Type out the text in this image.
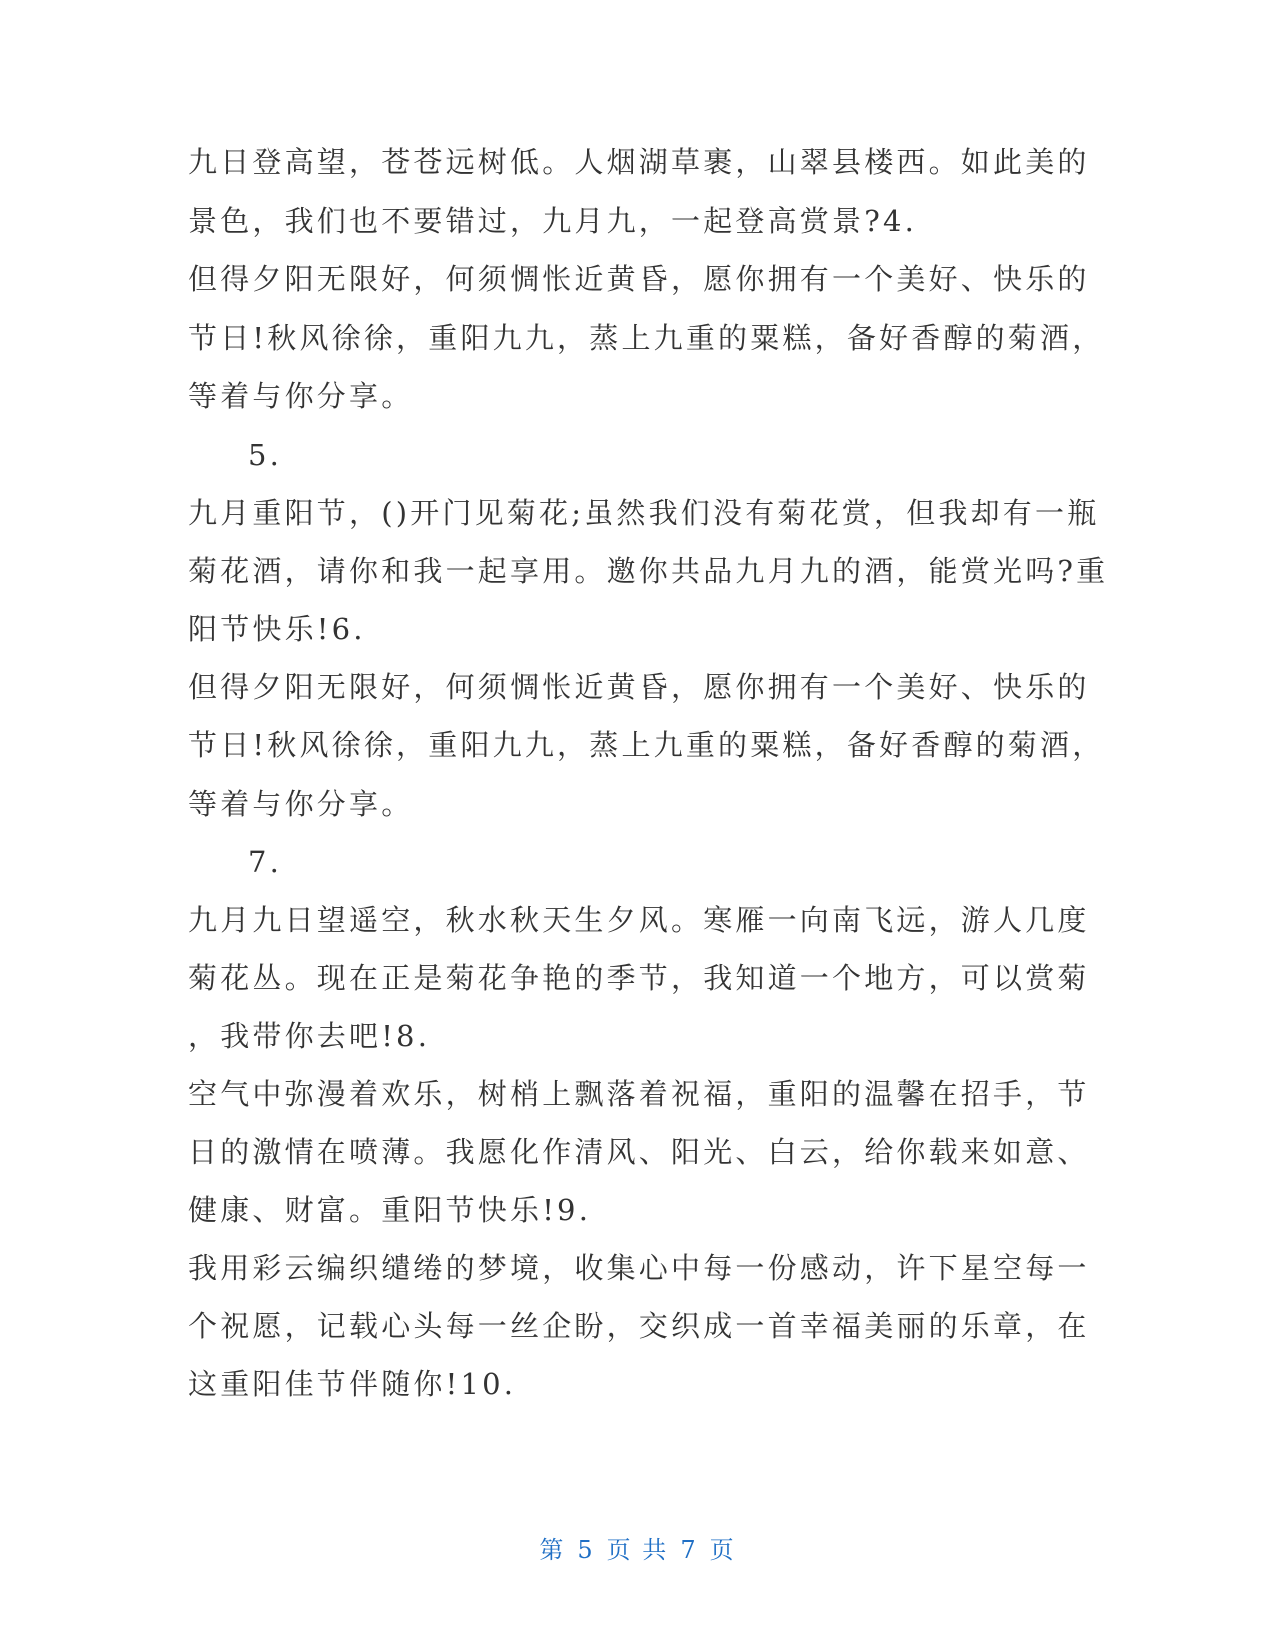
九日登高望，苍苍远树低。人烟湖草裹，山翠县楼西。如此美的
景色，我们也不要错过，九月九，一起登高赏景?4.
但得夕阳无限好，何须惆怅近黄昏，愿你拥有一个美好、快乐的
节日!秋风徐徐，重阳九九，蒸上九重的粟糕，备好香醇的菊酒，
等着与你分享。
5.
九月重阳节，()开门见菊花;虽然我们没有菊花赏，但我却有一瓶
菊花酒，请你和我一起享用。邀你共品九月九的酒，能赏光吗?重
阳节快乐!6.
但得夕阳无限好，何须惆怅近黄昏，愿你拥有一个美好、快乐的
节日!秋风徐徐，重阳九九，蒸上九重的粟糕，备好香醇的菊酒，
等着与你分享。
7.
九月九日望遥空，秋水秋天生夕风。寒雁一向南飞远，游人几度
菊花丛。现在正是菊花争艳的季节，我知道一个地方，可以赏菊
，我带你去吧!8.
空气中弥漫着欢乐，树梢上飘落着祝福，重阳的温馨在招手，节
日的激情在喷薄。我愿化作清风、阳光、白云，给你载来如意、
健康、财富。重阳节快乐!9.
我用彩云编织缱绻的梦境，收集心中每一份感动，许下星空每一
个祝愿，记载心头每一丝企盼，交织成一首幸福美丽的乐章，在
这重阳佳节伴随你!10.
第 5 页 共 7 页
